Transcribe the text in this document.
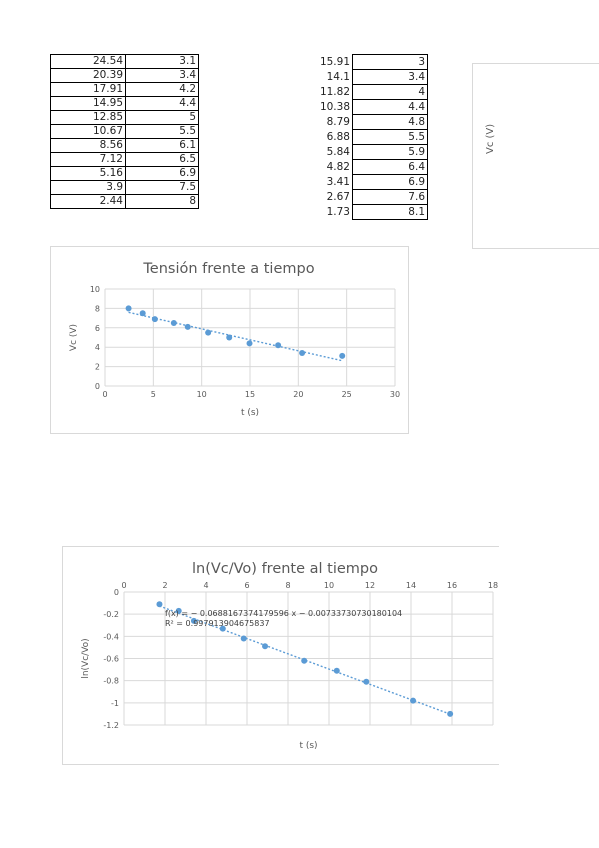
24.54	3.1
20.39	3.4
17.91	4.2
14.95	4.4
12.85	5
10.67	5.5
8.56	6.1
7.12	6.5
5.16	6.9
3.9	7.5
2.44	8
15.91	3
14.1	3.4
11.82	4
10.38	4.4
8.79	4.8
6.88	5.5
5.84	5.9
4.82	6.4
3.41	6.9
2.67	7.6
1.73	8.1
Vc (V)
Tensión frente a tiempo
0
2
4
6
8
10
0	5	10	15	20	25	30
t (s)
Vc (V)
ln(Vc/Vo) frente al tiempo
0
-0.2
-0.4
-0.6
-0.8
-1
-1.2
0	2	4	6	8	10	12	14	16	18
t (s)
ln(Vc/Vo)
f(x) = − 0.0688167374179596 x − 0.00733730730180104
R² = 0.997913904675837
